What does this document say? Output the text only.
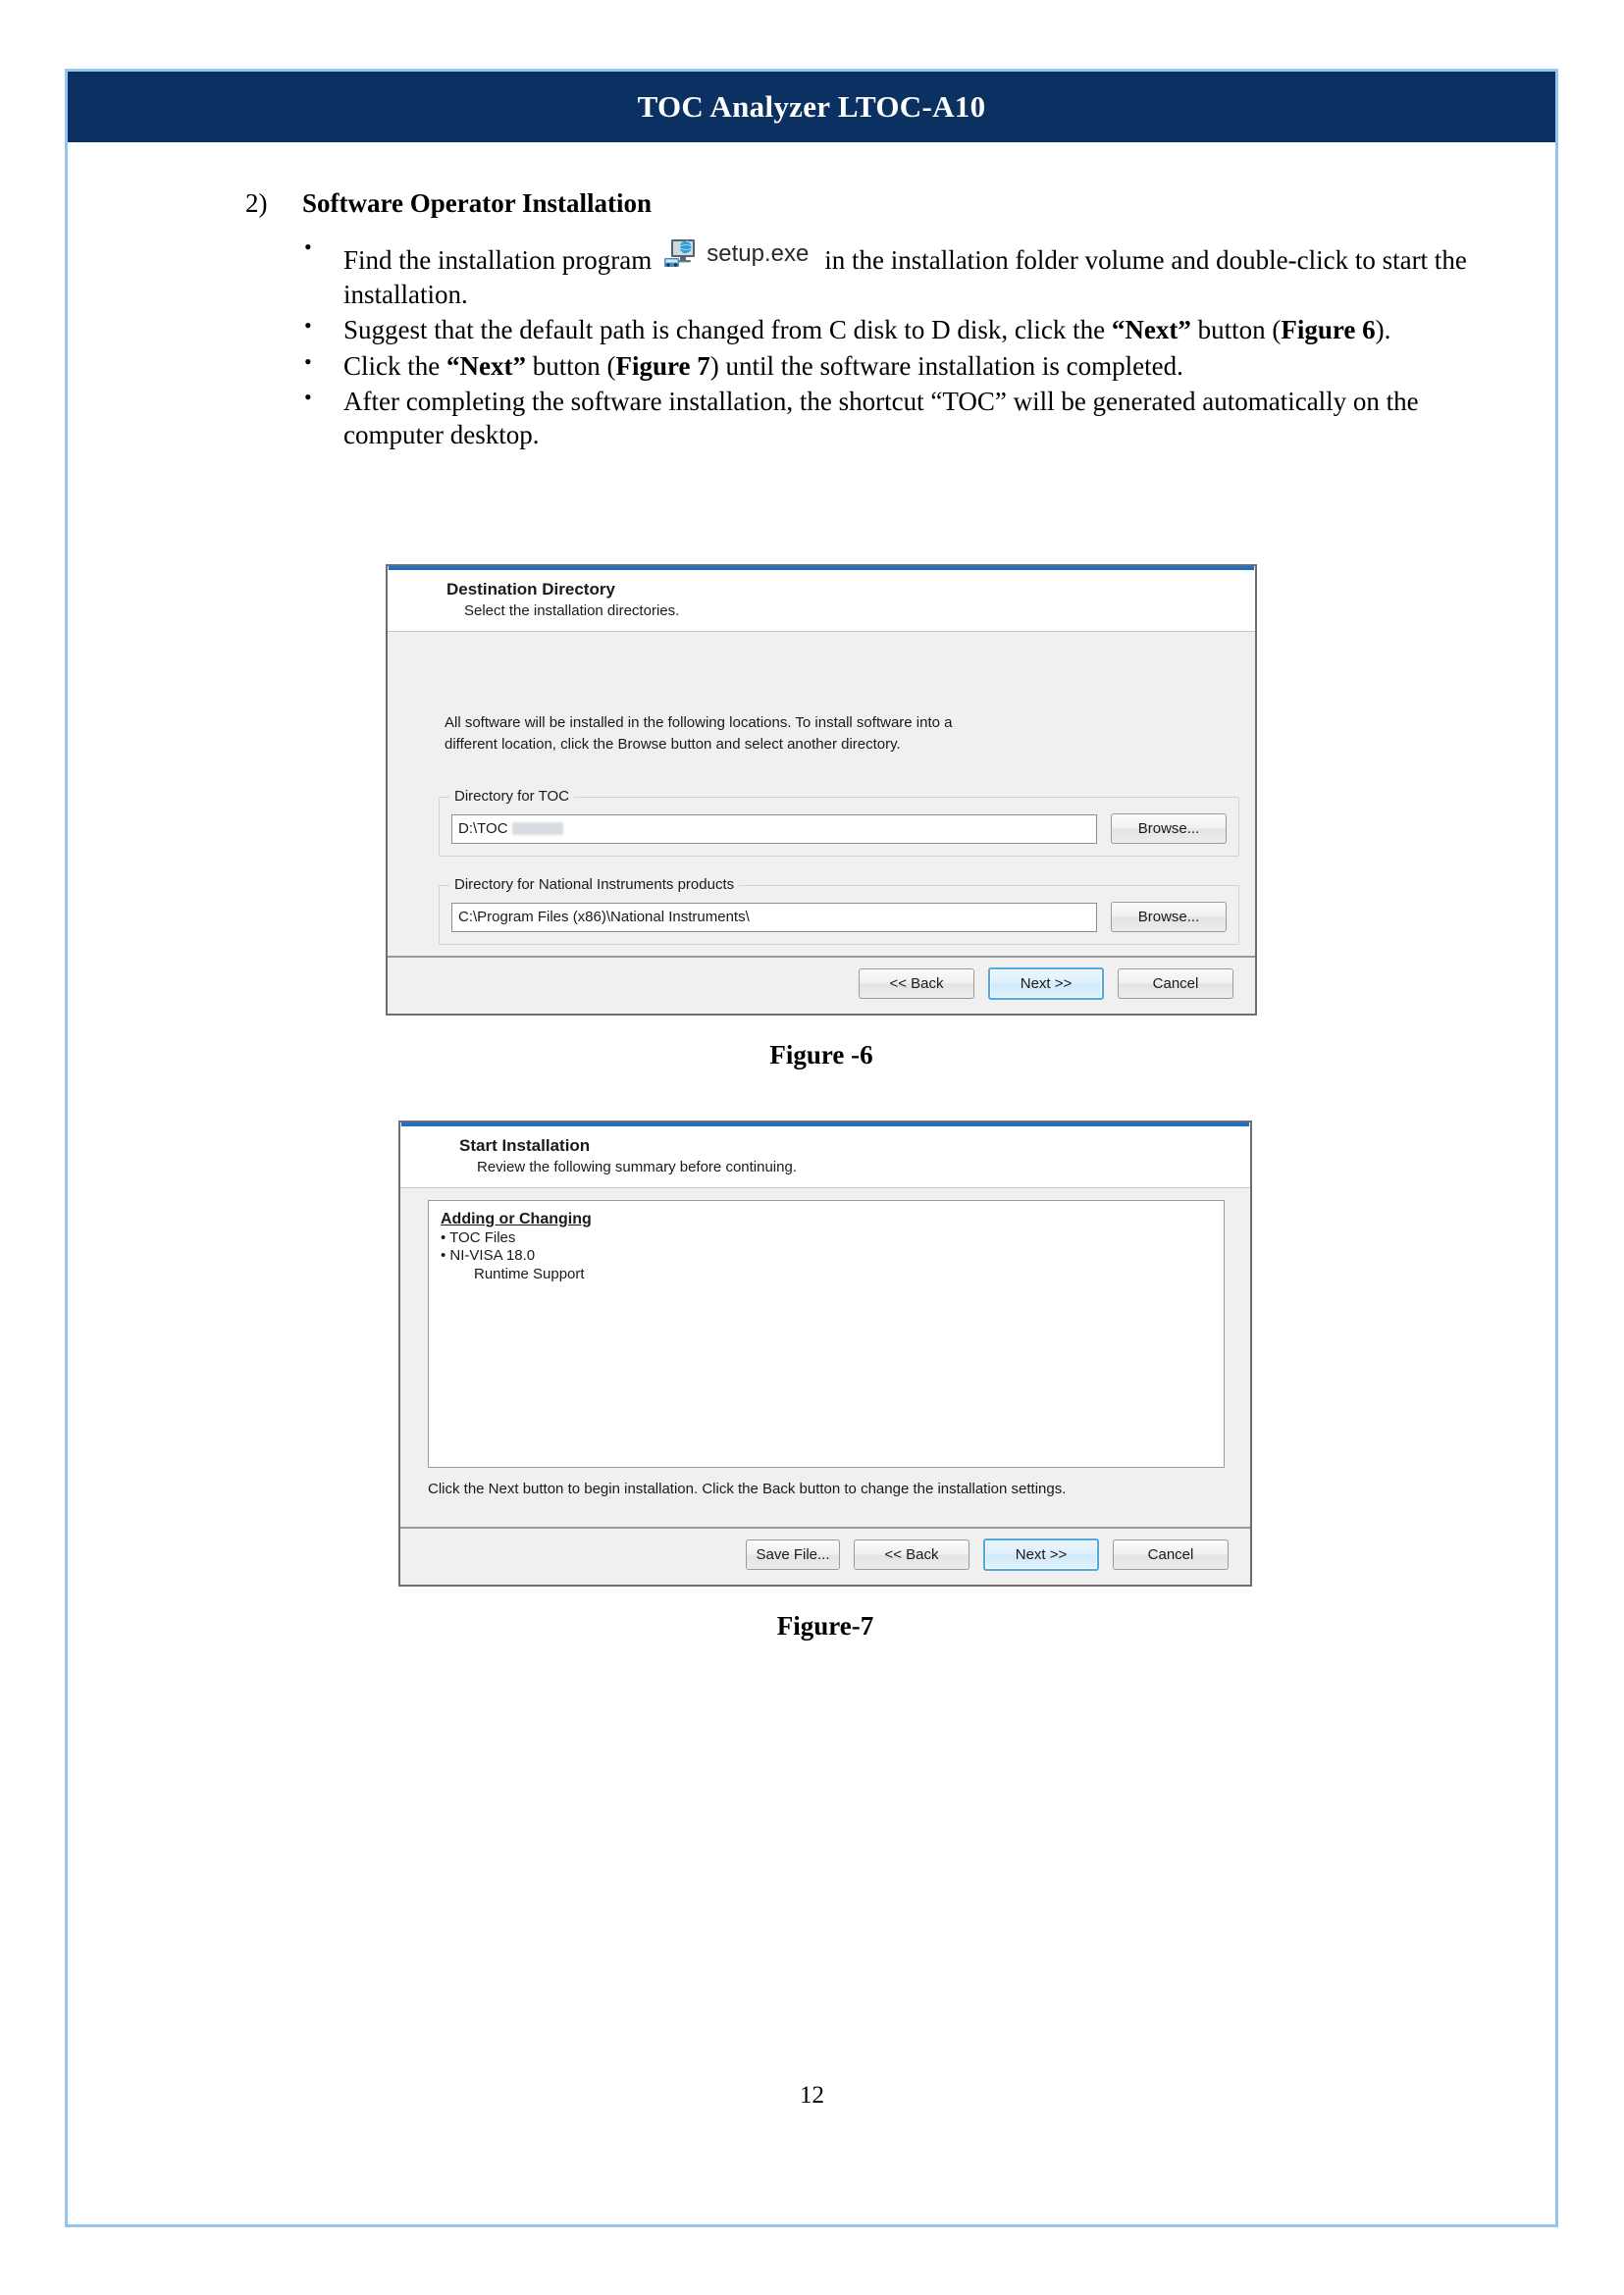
TOC Analyzer LTOC-A10
2)	Software Operator Installation
• Find the installation program setup.exe in the installation folder volume and double-click to start the installation.
• Suggest that the default path is changed from C disk to D disk, click the “Next” button (Figure 6).
• Click the “Next” button (Figure 7) until the software installation is completed.
• After completing the software installation, the shortcut “TOC” will be generated automatically on the computer desktop.
Destination Directory
Select the installation directories.
All software will be installed in the following locations. To install software into a different location, click the Browse button and select another directory.
Directory for TOC
D:\TOC	Browse...
Directory for National Instruments products
C:\Program Files (x86)\National Instruments\	Browse...
<< Back	Next >>	Cancel
Figure -6
Start Installation
Review the following summary before continuing.
Adding or Changing
• TOC Files
• NI-VISA 18.0
Runtime Support
Click the Next button to begin installation. Click the Back button to change the installation settings.
Save File...	<< Back	Next >>	Cancel
Figure-7
12
